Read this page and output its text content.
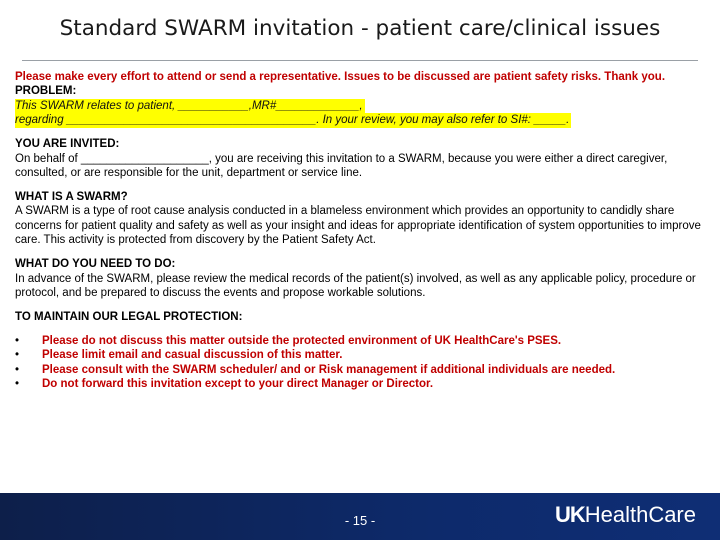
Standard SWARM invitation - patient care/clinical issues

Please make every effort to attend or send a representative. Issues to be discussed are patient safety risks. Thank you.

PROBLEM:

This SWARM relates to patient, ___________,MR#_____________,
regarding _______________________________________. In your review, you may also refer to SI#: _____.

YOU ARE INVITED:

On behalf of ____________________, you are receiving this invitation to a SWARM, because you were either a direct caregiver, consulted, or are responsible for the unit, department or service line.

WHAT IS A SWARM?

A SWARM is a type of root cause analysis conducted in a blameless environment which provides an opportunity to candidly share concerns for patient quality and safety as well as your insight and ideas for appropriate identification of system opportunities to improve care. This activity is protected from discovery by the Patient Safety Act.

WHAT DO YOU NEED TO DO:

In advance of the SWARM, please review the medical records of the patient(s) involved, as well as any applicable policy, procedure or protocol, and be prepared to discuss the events and propose workable solutions.

TO MAINTAIN OUR LEGAL PROTECTION:

• Please do not discuss this matter outside the protected environment of UK HealthCare's PSES.
• Please limit email and casual discussion of this matter.
• Please consult with the SWARM scheduler/ and or Risk management if additional individuals are needed.
• Do not forward this invitation except to your direct Manager or Director.
- 15 -	UKHealthCare
